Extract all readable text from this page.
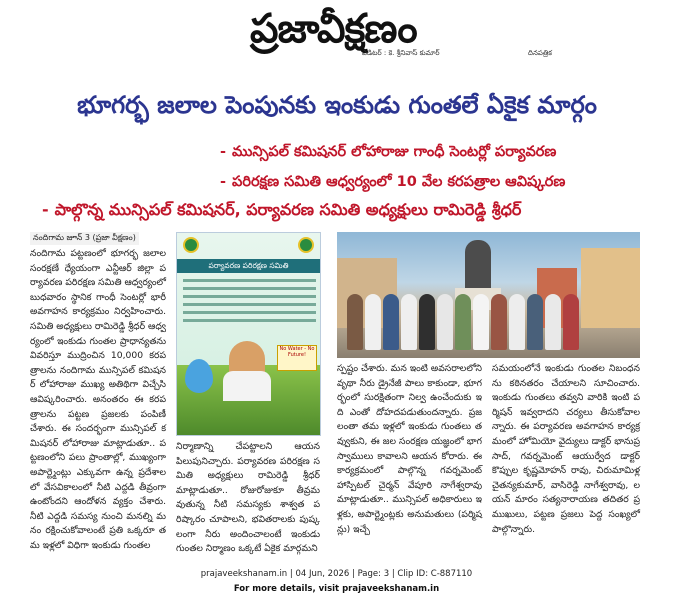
ప్రజావీక్షణం
ఎడిటర్ : కె. శ్రీనివాస్ కుమార్	దినపత్రిక
భూగర్భ జలాల పెంపునకు ఇంకుడు గుంతలే ఏకైక మార్గం
- మున్సిపల్ కమిషనర్ లోహారాజు గాంధీ సెంటర్లో పర్యావరణ
- పరిరక్షణ సమితి ఆధ్వర్యంలో 10 వేల కరపత్రాల ఆవిష్కరణ
- పాల్గొన్న మున్సిపల్ కమిషనర్, పర్యావరణ సమితి అధ్యక్షులు రామిరెడ్డి శ్రీధర్
నందిగామ జూన్ 3 (ప్రజా వీక్షణం)
నందిగామ పట్టణంలో భూగర్భ జలాల సంరక్షణే ధ్యేయంగా ఎన్టీఆర్ జిల్లా పర్యావరణ పరిరక్షణ సమితి ఆధ్వర్యంలో బుధవారం స్థానిక గాంధీ సెంటర్లో భారీ అవగాహన కార్యక్రమం నిర్వహించారు. సమితి అధ్యక్షులు రామిరెడ్డి శ్రీధర్ ఆధ్వర్యంలో ఇంకుడు గుంతల ప్రాధాన్యతను వివరిస్తూ ముద్రించిన 10,000 కరపత్రాలను నందిగామ మున్సిపల్ కమిషనర్ లోహారాజు ముఖ్య అతిథిగా విచ్చేసి ఆవిష్కరించారు. అనంతరం ఈ కరపత్రాలను పట్టణ ప్రజలకు పంపిణీ చేశారు. ఈ సందర్భంగా మున్సిపల్ కమిషనర్ లోహారాజు మాట్లాడుతూ.. పట్టణంలోని పలు ప్రాంతాల్లో, ముఖ్యంగా అపార్ట్మెంట్లు ఎక్కువగా ఉన్న ప్రదేశాలలో వేసవికాలంలో నీటి ఎద్దడి తీవ్రంగా ఉంటోందని ఆందోళన వ్యక్తం చేశారు. నీటి ఎద్దడి సమస్య నుంచి మనల్ని మనం రక్షించుకోవాలంటే ప్రతి ఒక్కరూ తమ ఇళ్లలో విధిగా ఇంకుడు గుంతల
పర్యావరణ పరిరక్షణ సమితి
No Water - No Future!
నిర్మాణాన్ని చేపట్టాలని ఆయన పిలుపునిచ్చారు. పర్యావరణ పరిరక్షణ సమితి అధ్యక్షులు రామిరెడ్డి శ్రీధర్ మాట్లాడుతూ.. రోజురోజుకూ తీవ్రమవుతున్న నీటి సమస్యకు శాశ్వత పరిష్కారం చూపాలని, భవితరాలకు పుష్కలంగా నీరు అందించాలంటే ఇంకుడు గుంతల నిర్మాణం ఒక్కటే ఏకైక మార్గమని
స్పష్టం చేశారు. మన ఇంటి అవసరాలలోని వృథా నీరు డ్రైనేజీ పాలు కాకుండా, భూగర్భంలో సురక్షితంగా నిల్వ ఉంచేందుకు ఇది ఎంతో దోహదపడుతుందన్నారు. ప్రజలంతా తమ ఇళ్లలో ఇంకుడు గుంతలు తవ్వుకుని, ఈ జల సంరక్షణ యజ్ఞంలో భాగస్వాములు కావాలని ఆయన కోరారు. ఈ కార్యక్రమంలో పాల్గొన్న గవర్నమెంట్ హాస్పిటల్ చైర్మన్ వేపూరి నాగేశ్వరావు మాట్లాడుతూ.. మున్సిపల్ అధికారులు ఇళ్లకు, అపార్ట్మెంట్లకు అనుమతులు (పర్మిషన్లు) ఇచ్చే
సమయంలోనే ఇంకుడు గుంతల నిబంధనను కఠినతరం చేయాలని సూచించారు. ఇంకుడు గుంతలు తవ్వని వారికి ఇంటి పర్మిషన్ ఇవ్వరాదని చర్యలు తీసుకోవాలన్నారు. ఈ పర్యావరణ అవగాహన కార్యక్రమంలో హోమియో వైద్యులు డాక్టర్ భానుప్రసాద్, గవర్నమెంట్ ఆయుర్వేద డాక్టర్ కొప్పుల కృష్ణమోహన్ రావు, చిరుమామిళ్ల చైతన్యకుమార్, వాసిరెడ్డి నాగేశ్వరావు, లయన్ మారం సత్యనారాయణ తదితర ప్రముఖులు, పట్టణ ప్రజలు పెద్ద సంఖ్యలో పాల్గొన్నారు.
prajaveekshanam.in | 04 Jun, 2026 | Page: 3 | Clip ID: C-887110
For more details, visit prajaveekshanam.in
